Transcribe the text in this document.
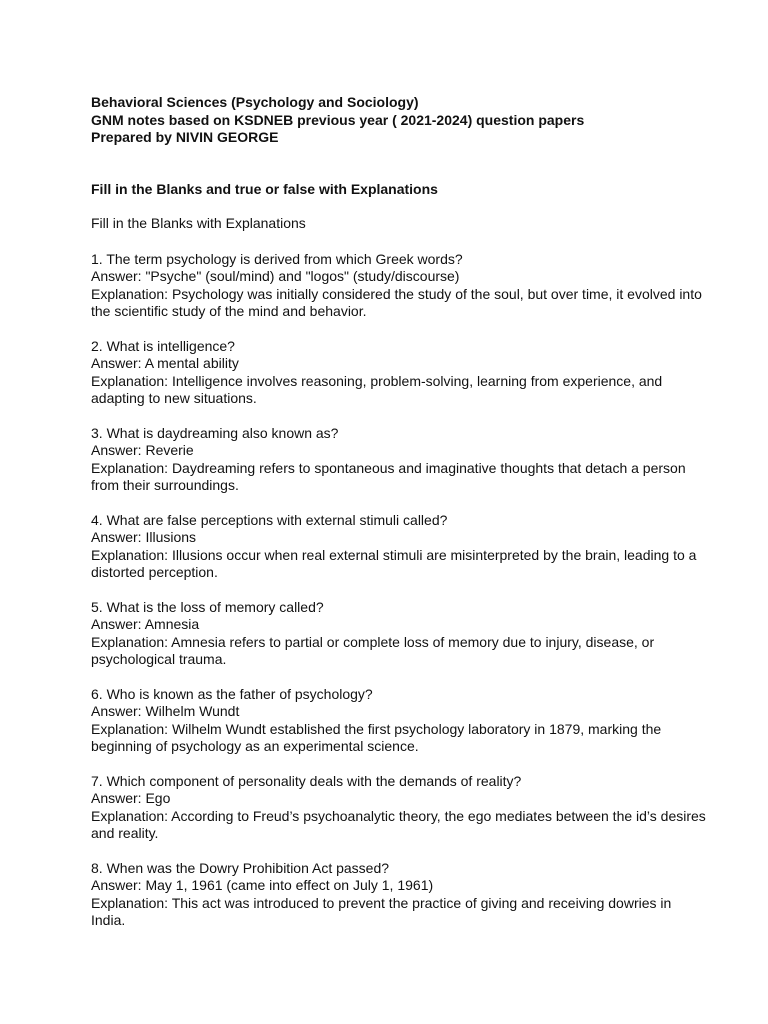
Behavioral Sciences (Psychology and Sociology)

GNM notes based on KSDNEB previous year ( 2021-2024) question papers

Prepared by NIVIN GEORGE

Fill in the Blanks and true or false with Explanations

Fill in the Blanks with Explanations

1. The term psychology is derived from which Greek words?

Answer: "Psyche" (soul/mind) and "logos" (study/discourse)

Explanation: Psychology was initially considered the study of the soul, but over time, it evolved into the scientific study of the mind and behavior.

2. What is intelligence?

Answer: A mental ability

Explanation: Intelligence involves reasoning, problem-solving, learning from experience, and adapting to new situations.

3. What is daydreaming also known as?

Answer: Reverie

Explanation: Daydreaming refers to spontaneous and imaginative thoughts that detach a person from their surroundings.

4. What are false perceptions with external stimuli called?

Answer: Illusions

Explanation: Illusions occur when real external stimuli are misinterpreted by the brain, leading to a distorted perception.

5. What is the loss of memory called?

Answer: Amnesia

Explanation: Amnesia refers to partial or complete loss of memory due to injury, disease, or psychological trauma.

6. Who is known as the father of psychology?

Answer: Wilhelm Wundt

Explanation: Wilhelm Wundt established the first psychology laboratory in 1879, marking the beginning of psychology as an experimental science.

7. Which component of personality deals with the demands of reality?

Answer: Ego

Explanation: According to Freud’s psychoanalytic theory, the ego mediates between the id’s desires and reality.

8. When was the Dowry Prohibition Act passed?

Answer: May 1, 1961 (came into effect on July 1, 1961)

Explanation: This act was introduced to prevent the practice of giving and receiving dowries in India.
